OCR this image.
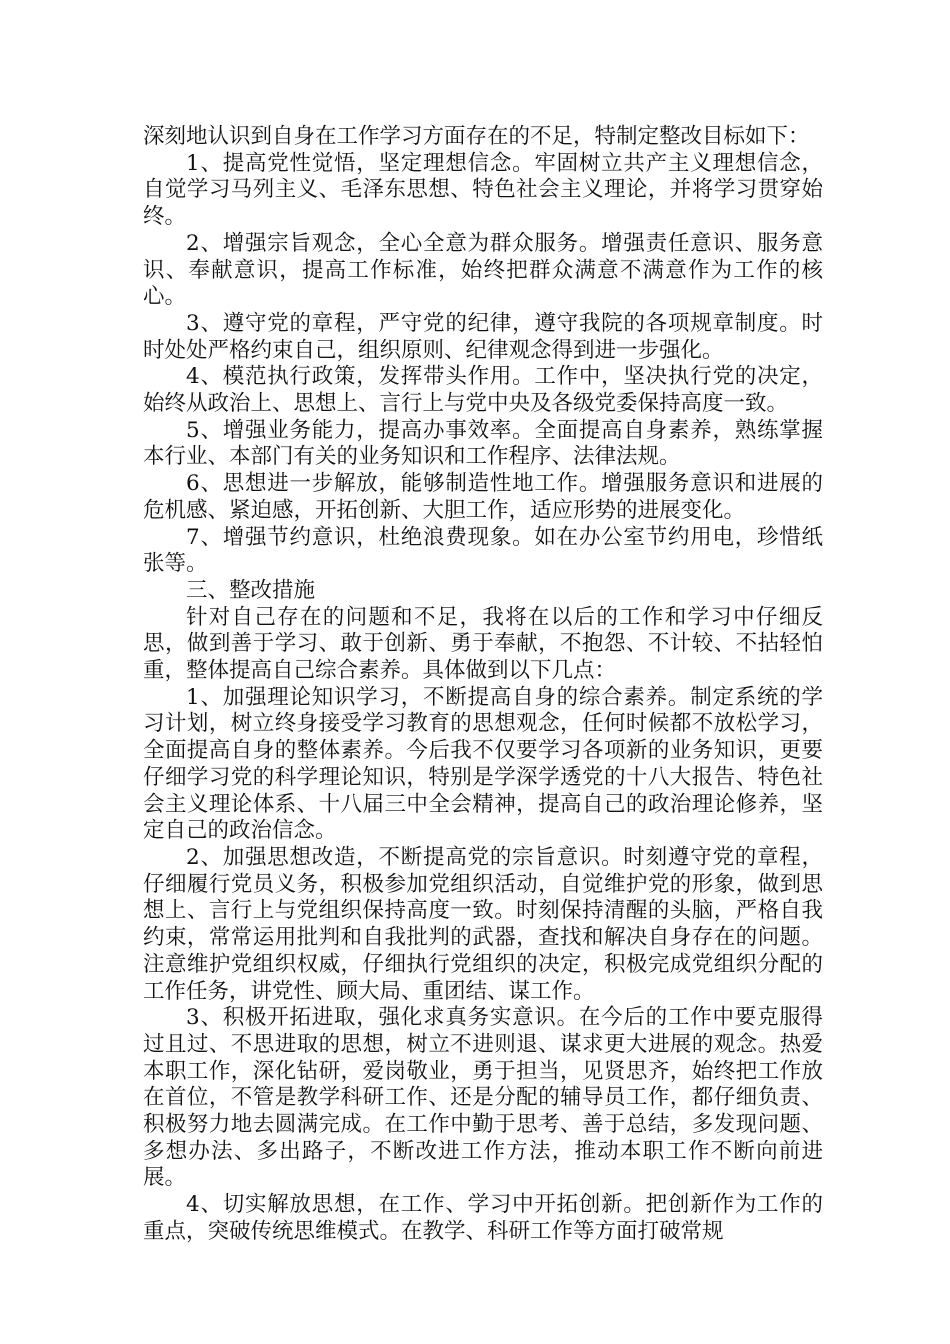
深刻地认识到自身在工作学习方面存在的不足，特制定整改目标如下：

1、提高党性觉悟，坚定理想信念。牢固树立共产主义理想信念，自觉学习马列主义、毛泽东思想、特色社会主义理论，并将学习贯穿始终。

2、增强宗旨观念，全心全意为群众服务。增强责任意识、服务意识、奉献意识，提高工作标准，始终把群众满意不满意作为工作的核心。

3、遵守党的章程，严守党的纪律，遵守我院的各项规章制度。时时处处严格约束自己，组织原则、纪律观念得到进一步强化。

4、模范执行政策，发挥带头作用。工作中，坚决执行党的决定，始终从政治上、思想上、言行上与党中央及各级党委保持高度一致。

5、增强业务能力，提高办事效率。全面提高自身素养，熟练掌握本行业、本部门有关的业务知识和工作程序、法律法规。

6、思想进一步解放，能够制造性地工作。增强服务意识和进展的危机感、紧迫感，开拓创新、大胆工作，适应形势的进展变化。

7、增强节约意识，杜绝浪费现象。如在办公室节约用电，珍惜纸张等。

三、整改措施

针对自己存在的问题和不足，我将在以后的工作和学习中仔细反思，做到善于学习、敢于创新、勇于奉献，不抱怨、不计较、不拈轻怕重，整体提高自己综合素养。具体做到以下几点：

1、加强理论知识学习，不断提高自身的综合素养。制定系统的学习计划，树立终身接受学习教育的思想观念，任何时候都不放松学习，全面提高自身的整体素养。今后我不仅要学习各项新的业务知识，更要仔细学习党的科学理论知识，特别是学深学透党的十八大报告、特色社会主义理论体系、十八届三中全会精神，提高自己的政治理论修养，坚定自己的政治信念。

2、加强思想改造，不断提高党的宗旨意识。时刻遵守党的章程，仔细履行党员义务，积极参加党组织活动，自觉维护党的形象，做到思想上、言行上与党组织保持高度一致。时刻保持清醒的头脑，严格自我约束，常常运用批判和自我批判的武器，查找和解决自身存在的问题。注意维护党组织权威，仔细执行党组织的决定，积极完成党组织分配的工作任务，讲党性、顾大局、重团结、谋工作。

3、积极开拓进取，强化求真务实意识。在今后的工作中要克服得过且过、不思进取的思想，树立不进则退、谋求更大进展的观念。热爱本职工作，深化钻研，爱岗敬业，勇于担当，见贤思齐，始终把工作放在首位，不管是教学科研工作、还是分配的辅导员工作，都仔细负责、积极努力地去圆满完成。在工作中勤于思考、善于总结，多发现问题、多想办法、多出路子，不断改进工作方法，推动本职工作不断向前进展。

4、切实解放思想，在工作、学习中开拓创新。把创新作为工作的重点，突破传统思维模式。在教学、科研工作等方面打破常规
